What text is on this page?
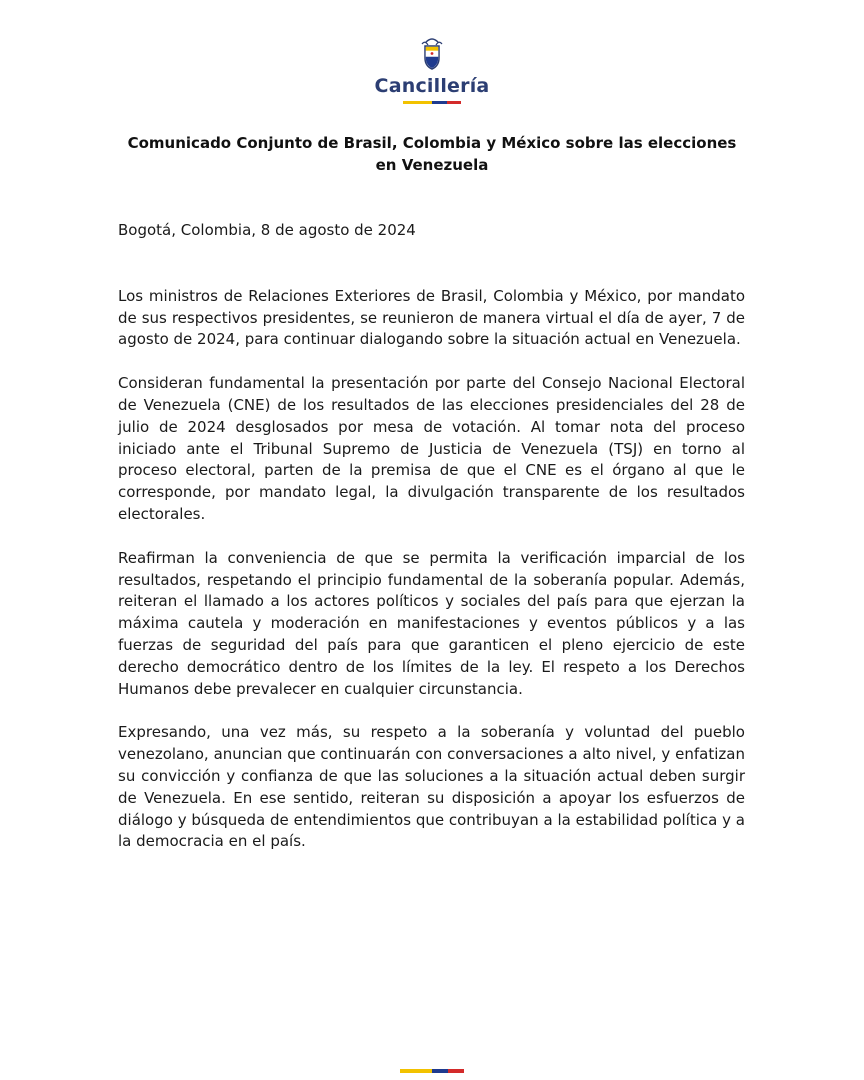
Cancillería
Comunicado Conjunto de Brasil, Colombia y México sobre las elecciones en Venezuela

Bogotá, Colombia, 8 de agosto de 2024

Los ministros de Relaciones Exteriores de Brasil, Colombia y México, por mandato de sus respectivos presidentes, se reunieron de manera virtual el día de ayer, 7 de agosto de 2024, para continuar dialogando sobre la situación actual en Venezuela.

Consideran fundamental la presentación por parte del Consejo Nacional Electoral de Venezuela (CNE) de los resultados de las elecciones presidenciales del 28 de julio de 2024 desglosados por mesa de votación. Al tomar nota del proceso iniciado ante el Tribunal Supremo de Justicia de Venezuela (TSJ) en torno al proceso electoral, parten de la premisa de que el CNE es el órgano al que le corresponde, por mandato legal, la divulgación transparente de los resultados electorales.

Reafirman la conveniencia de que se permita la verificación imparcial de los resultados, respetando el principio fundamental de la soberanía popular. Además, reiteran el llamado a los actores políticos y sociales del país para que ejerzan la máxima cautela y moderación en manifestaciones y eventos públicos y a las fuerzas de seguridad del país para que garanticen el pleno ejercicio de este derecho democrático dentro de los límites de la ley. El respeto a los Derechos Humanos debe prevalecer en cualquier circunstancia.

Expresando, una vez más, su respeto a la soberanía y voluntad del pueblo venezolano, anuncian que continuarán con conversaciones a alto nivel, y enfatizan su convicción y confianza de que las soluciones a la situación actual deben surgir de Venezuela. En ese sentido, reiteran su disposición a apoyar los esfuerzos de diálogo y búsqueda de entendimientos que contribuyan a la estabilidad política y a la democracia en el país.
